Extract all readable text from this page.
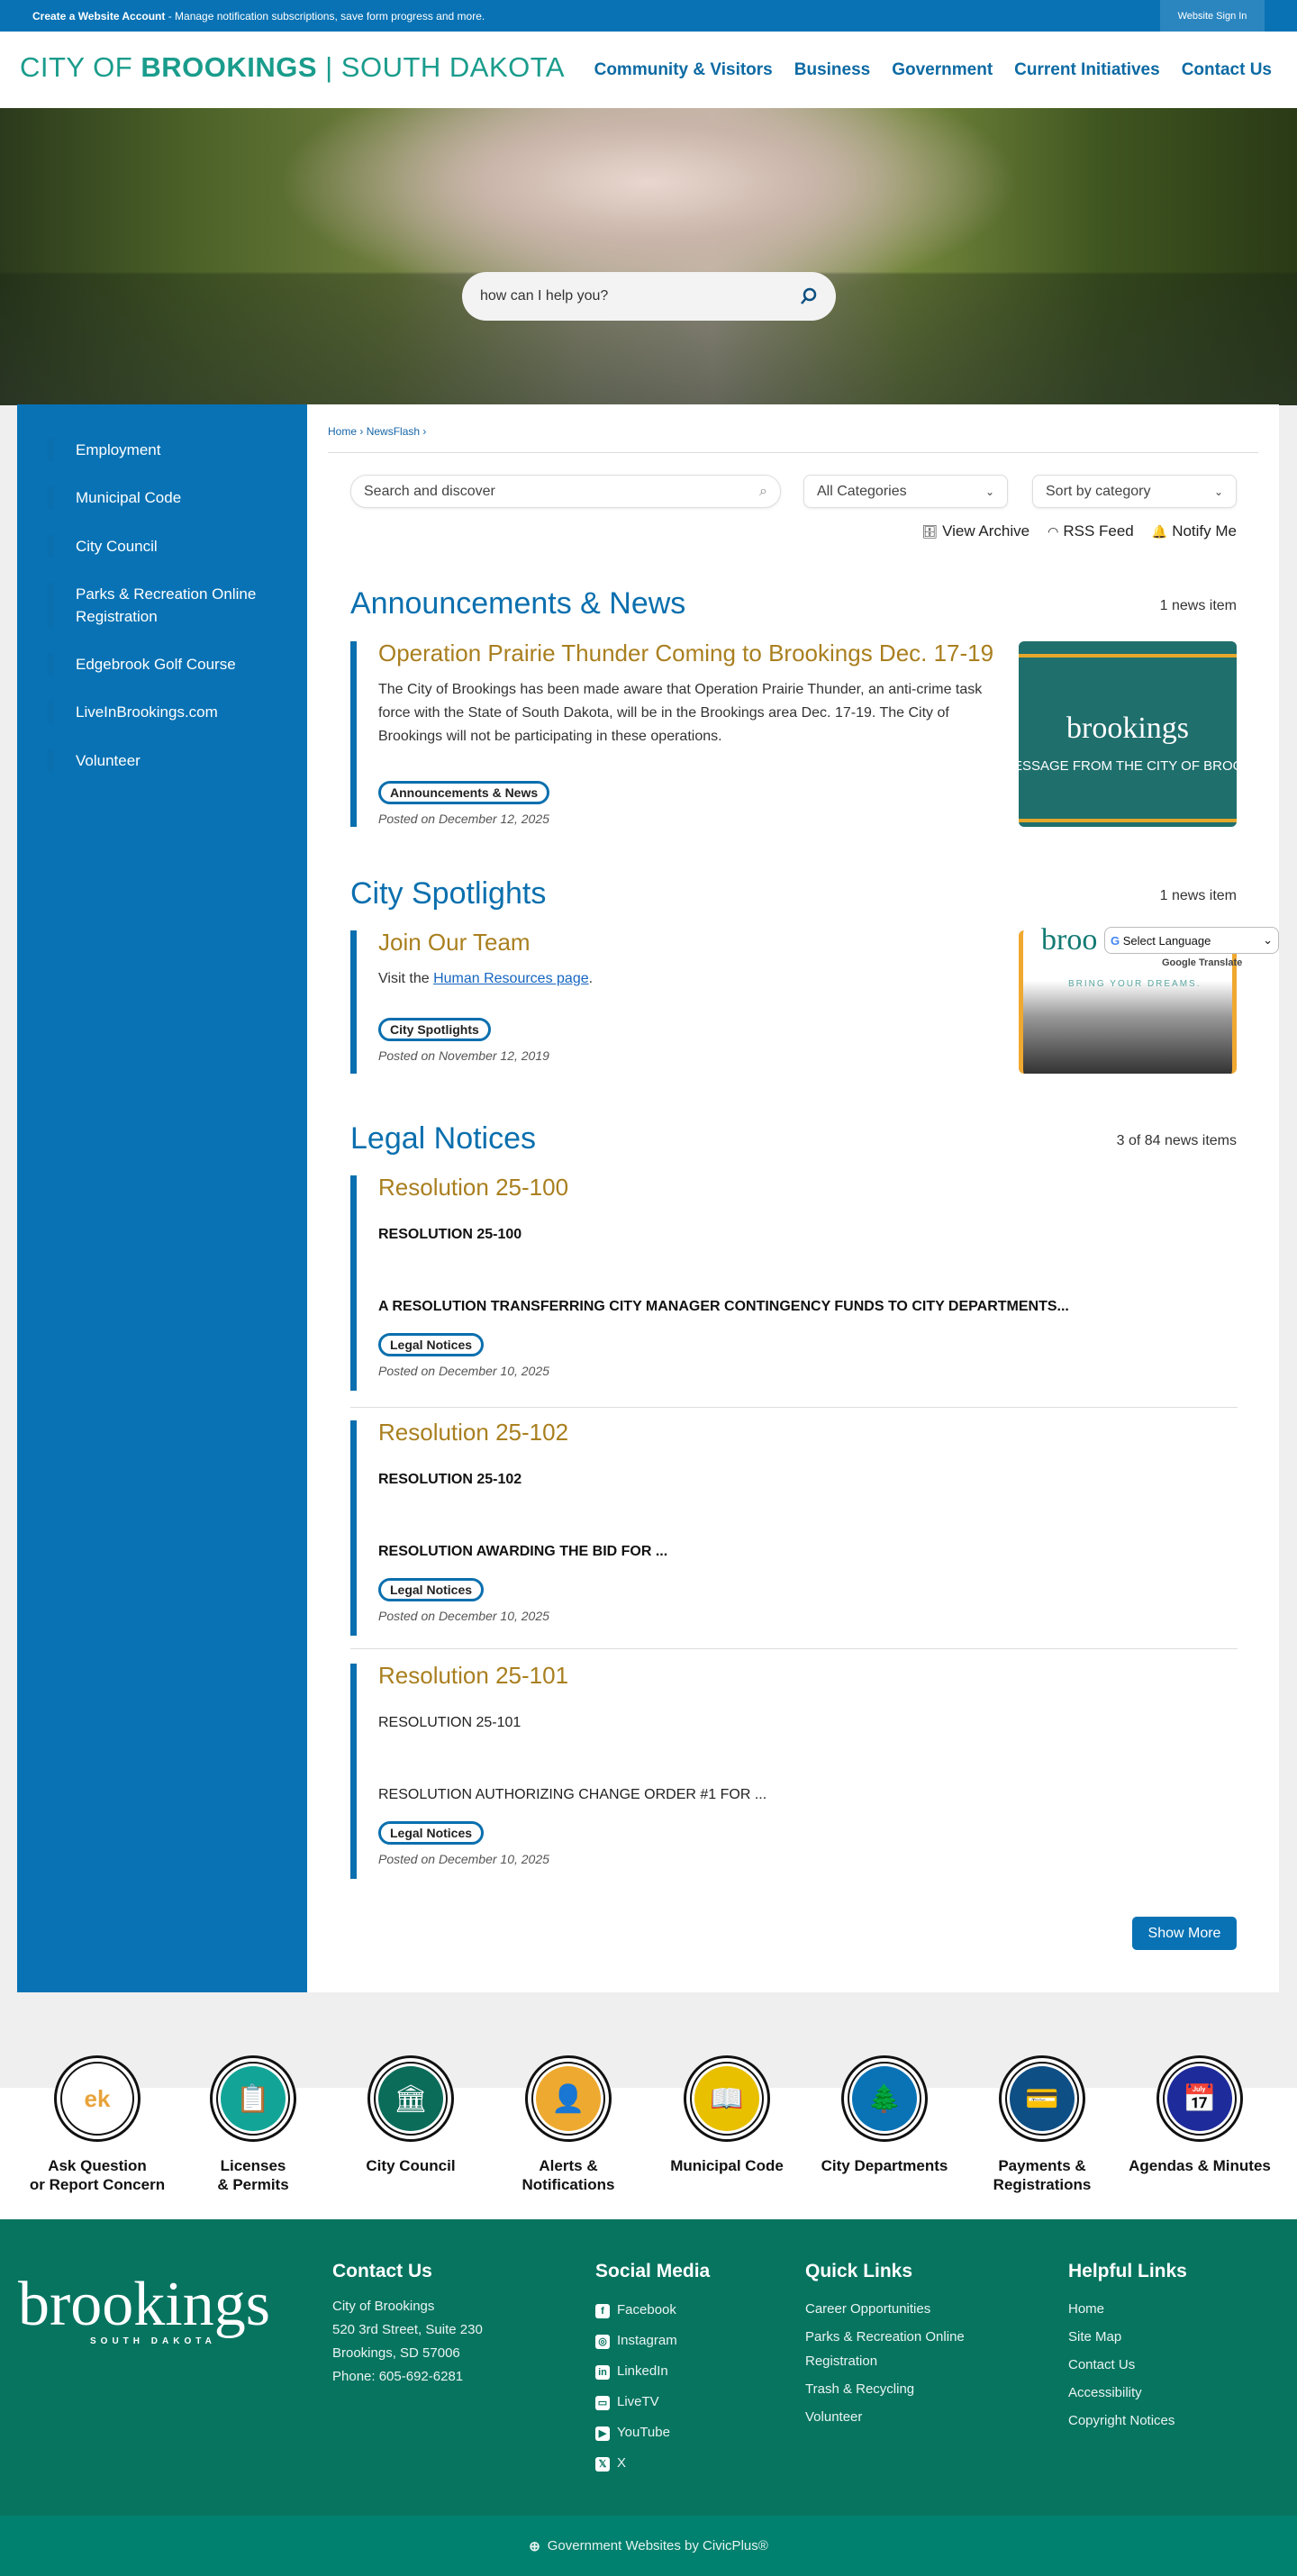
Create a Website Account - Manage notification subscriptions, save form progress and more.	Website Sign In
CITY OF BROOKINGS | SOUTH DAKOTA Community & Visitors Business Government Current Initiatives Contact Us
how can I help you?
Employment
Municipal Code
City Council
Parks & Recreation Online Registration
Edgebrook Golf Course
LiveInBrookings.com
Volunteer
Home › NewsFlash ›
Search and discover	⌕	All Categories	⌄	Sort by category	⌄
🗄 View Archive ◠ RSS Feed 🔔 Notify Me
Announcements & News	1 news item
Operation Prairie Thunder Coming to Brookings Dec. 17-19
The City of Brookings has been made aware that Operation Prairie Thunder, an anti-crime task force with the State of South Dakota, will be in the Brookings area Dec. 17-19. The City of Brookings will not be participating in these operations.
Announcements & News
Posted on December 12, 2025
brookings
ESSAGE FROM THE CITY OF BROOKIN
City Spotlights	1 news item
Join Our Team
Visit the Human Resources page.
City Spotlights
Posted on November 12, 2019
broo
BRING YOUR DREAMS.
Legal Notices	3 of 84 news items
Show More
Resolution 25-100
RESOLUTION 25-100
A RESOLUTION TRANSFERRING CITY MANAGER CONTINGENCY FUNDS TO CITY DEPARTMENTS...
Legal Notices
Posted on December 10, 2025
Resolution 25-102
RESOLUTION 25-102
RESOLUTION AWARDING THE BID FOR ...
Legal Notices
Posted on December 10, 2025
Resolution 25-101
RESOLUTION 25-101
RESOLUTION AUTHORIZING CHANGE ORDER #1 FOR ...
Legal Notices
Posted on December 10, 2025
G Select Language	⌄
Google Translate
ek
Ask Question
or Report Concern
📋
Licenses
& Permits
🏛
City Council
👤
Alerts &
Notifications
📖
Municipal Code
🌲
City Departments
💳
Payments &
Registrations
📅
Agendas & Minutes
brookings
SOUTH DAKOTA
Contact Us
City of Brookings
520 3rd Street, Suite 230
Brookings, SD 57006
Phone: 605-692-6281
Social Media
f Facebook
◎ Instagram
in LinkedIn
▭ LiveTV
▶ YouTube
𝕏 X
Quick Links
Career Opportunities
Parks & Recreation Online Registration
Trash & Recycling
Volunteer
Helpful Links
Home
Site Map
Contact Us
Accessibility
Copyright Notices
⊕ Government Websites by CivicPlus®
